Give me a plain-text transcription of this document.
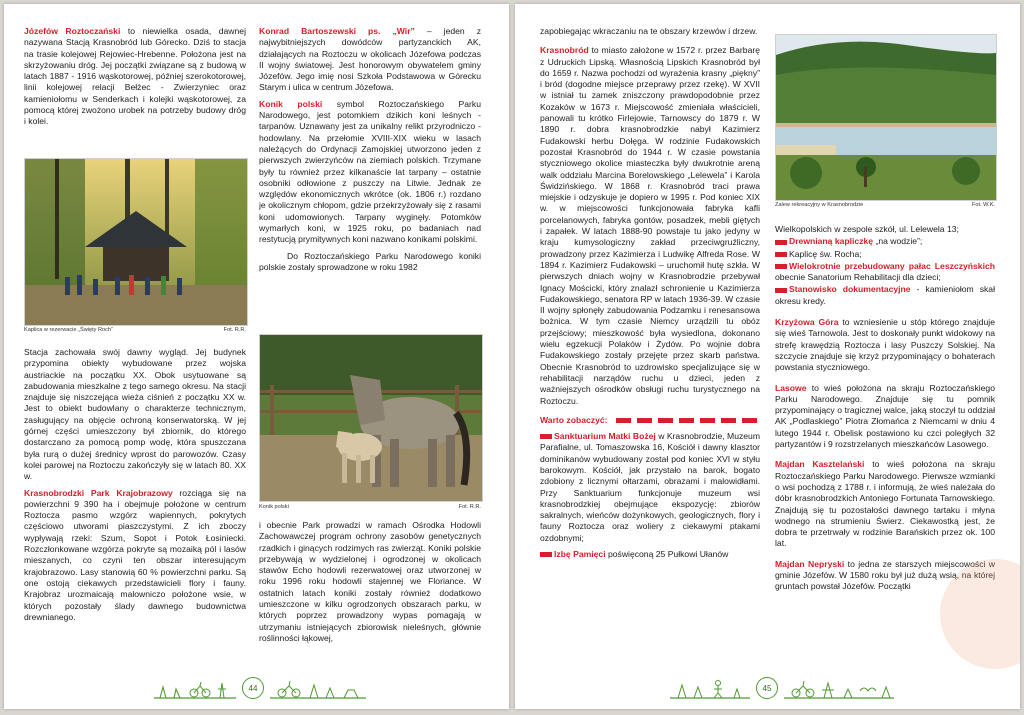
Józefów Roztoczański to niewielka osada, dawnej nazywana Stacją Krasnobród lub Górecko. Dziś to stacja na trasie kolejowej Rejowiec-Hrebenne. Położona jest na skrzyżowaniu dróg. Jej początki związane są z budową w latach 1887 - 1916 wąskotorowej, później szerokotorowej, linii kolejowej relacji Bełżec - Zwierzyniec oraz kamieniołomu w Senderkach i kolejki wąskotorowej, za pomocą której zwożono urobek na potrzeby budowy dróg i kolei.

Kaplica w rezerwacie „Święty Roch”	Fot. R.R.

Stacja zachowała swój dawny wygląd. Jej budynek przypomina obiekty wybudowane przez wojska austriackie na początku XX. Obok usytuowane są zabudowania mieszkalne z tego samego okresu. Na stacji znajduje się niszczejąca wieża ciśnień z początku XX w. Jest to obiekt budowlany o charakterze technicznym, zasługujący na objęcie ochroną konserwatorską. W jej górnej części umieszczony był zbiornik, do którego dostarczano za pomocą pomp wodę, która spuszczana była rurą o dużej średnicy wprost do parowozów. Czasy kolei parowej na Roztoczu zakończyły się w latach 80. XX w.

Krasnobrodzki Park Krajobrazowy rozciąga się na powierzchni 9 390 ha i obejmuje położone w centrum Roztocza pasmo wzgórz wapiennych, pokrytych częściowo utworami piaszczystymi. Z ich zboczy wypływają rzeki: Szum, Sopot i Potok Łosiniecki. Rozczłonkowane wzgórza pokryte są mozaiką pól i lasów mieszanych, co czyni ten obszar interesującym krajobrazowo. Lasy stanowią 60 % powierzchni parku. Są one ostoją ciekawych przedstawicieli flory i fauny. Krajobraz urozmaicają malowniczo położone wsie, w których pozostały ślady dawnego budownictwa drewnianego.

Konrad Bartoszewski ps. „Wir” – jeden z najwybitniejszych dowódców partyzanckich AK, działających na Roztoczu w okolicach Józefowa podczas II wojny światowej. Jest honorowym obywatelem gminy Józefów. Jego imię nosi Szkoła Podstawowa w Górecku Starym i ulica w centrum Józefowa.

Konik polski symbol Roztoczańskiego Parku Narodowego, jest potomkiem dzikich koni leśnych - tarpanów. Uznawany jest za unikalny relikt przyrodniczo - hodowlany. Na przełomie XVIII-XIX wieku w lasach należących do Ordynacji Zamojskiej utworzono jeden z pierwszych zwierzyńców na ziemiach polskich. Trzymane były tu również przez kilkanaście lat tarpany – ostatnie osobniki odłowione z puszczy na Litwie. Jednak ze względów ekonomicznych wkrótce (ok. 1806 r.) rozdano je okolicznym chłopom, gdzie przekrzyżowały się z rasami koni udomowionych. Tarpany wyginęły. Potomków wymarłych koni, w 1925 roku, po badaniach nad restytucją prymitywnych koni nazwano konikami polskimi.

Do Roztoczańskiego Parku Narodowego koniki polskie zostały sprowadzone w roku 1982

Konik polski	Fot. R.R.

i obecnie Park prowadzi w ramach Ośrodka Hodowli Zachowawczej program ochrony zasobów genetycznych rzadkich i ginących rodzimych ras zwierząt. Koniki polskie przebywają w wydzielonej i ogrodzonej w okolicach stawów Echo hodowli rezerwatowej oraz utworzonej w roku 1996 roku hodowli stajennej we Floriance. W ostatnich latach koniki zostały również dodatkowo umieszczone w kilku ogrodzonych obszarach parku, w których poprzez prowadzony wypas pomagają w utrzymaniu istniejących zbiorowisk nieleśnych, głównie roślinności łąkowej,

44

zapobiegając wkraczaniu na te obszary krzewów i drzew.

Krasnobród to miasto założone w 1572 r. przez Barbarę z Udruckich Lipską. Własnością Lipskich Krasnobród był do 1659 r. Nazwa pochodzi od wyrażenia krasny „piękny” i bród (dogodne miejsce przeprawy przez rzekę). W XVII w istniał tu zamek zniszczony prawdopodobnie przez Kozaków w 1673 r. Miejscowość zmieniała właścicieli, panowali tu krótko Firlejowie, Tarnowscy do 1879 r. W 1890 r. dobra krasnobrodzkie nabył Kazimierz Fudakowski herbu Dołęga. W rodzinie Fudakowskich pozostał Krasnobród do 1944 r. W czasie powstania styczniowego okolice miasteczka były dwukrotnie areną walk oddziału Marcina Borelowskiego „Lelewela” i Karola Świdzińskiego. W 1868 r. Krasnobród traci prawa miejskie i odzyskuje je dopiero w 1995 r. Pod koniec XIX w. w miejscowości funkcjonowała fabryka kafli porcelanowych, fabryka gontów, posadzek, mebli giętych i zapałek. W latach 1888-90 powstaje tu jako jedyny w kraju kumysologiczny zakład przeciwgruźliczny, prowadzony przez Kazimierza i Ludwikę Alfreda Rose. W 1894 r. Kazimierz Fudakowski – uruchomił hutę szkła. W pierwszych dniach wojny w Krasnobrodzie przebywał Ignacy Mościcki, który znalazł schronienie u Kazimierza Fudakowskiego, senatora RP w latach 1936-39. W czasie II wojny spłonęły zabudowania Podzamku i renesansowa bożnica. W tym czasie Niemcy urządzili tu obóz przejściowy; mieszkowość była wysiedlona, dokonano wielu egzekucji Polaków i Żydów. Po wojnie dobra Fudakowskiego zostały przejęte przez skarb państwa. Obecnie Krasnobród to uzdrowisko specjalizujące się w rehabilitacji narządów ruchu u dzieci, jeden z ważniejszych ośrodków obsługi ruchu turystycznego na Roztoczu.

Warto zobaczyć:

Sanktuarium Matki Bożej w Krasnobrodzie, Muzeum Parafialne, ul. Tomaszowska 16, Kościół i dawny klasztor dominikanów wybudowany został pod koniec XVI w styłu barokowym. Kościół, jak przystało na barok, bogato zdobiony z licznymi ołtarzami, obrazami i malowidłami. Przy Sanktuarium funkcjonuje muzeum wsi krasnobrodzkiej obejmujące ekspozycję: zbiorów sakralnych, wieńców dożynkowych, geologicznych, flory i fauny Roztocza oraz woliery z ciekawymi ptakami ozdobnymi;

Izbę Pamięci poświęconą 25 Pułkowi Ułanów

Zalew rekreacyjny w Krasnobrodzie	Fot. W.K.

Wielkopolskich w zespole szkół, ul. Lelewela 13;

Drewnianą kapliczkę „na wodzie”;

Kaplicę św. Rocha;

Wielokrotnie przebudowany pałac Leszczyńskich obecnie Sanatorium Rehabilitacji dla dzieci;

Stanowisko dokumentacyjne - kamieniołom skał okresu kredy.

Krzyżowa Góra to wzniesienie u stóp którego znajduje się wieś Tarnowola. Jest to doskonały punkt widokowy na strefę krawędzią Roztocza i lasy Puszczy Solskiej. Na szczycie znajduje się krzyż przypominający o bohaterach powstania styczniowego.

Lasowe to wieś położona na skraju Roztoczańskiego Parku Narodowego. Znajduje się tu pomnik przypominający o tragicznej walce, jaką stoczył tu oddział AK „Podlaskiego” Piotra Złomańca z Niemcami w dniu 4 lutego 1944 r. Obelisk postawiono ku czci poległych 32 partyzantów i 9 rozstrzelanych mieszkańców Lasowego.

Majdan Kasztelański to wieś położona na skraju Roztoczańskiego Parku Narodowego. Pierwsze wzmianki o wsi pochodzą z 1788 r. i informują, że wieś należała do dóbr krasnobrodzkich Antoniego Fortunata Tarnowskiego. Znajdują się tu pozostałości dawnego tartaku i młyna wodnego na strumieniu Świerz. Ciekawostką jest, że dobra te przetrwały w rodzinie Barańskich przez ok. 100 lat.

Majdan Nepryski to jedna ze starszych miejscowości w gminie Józefów. W 1580 roku był już dużą wsią, na której gruntach powstał Józefów. Początki

45
